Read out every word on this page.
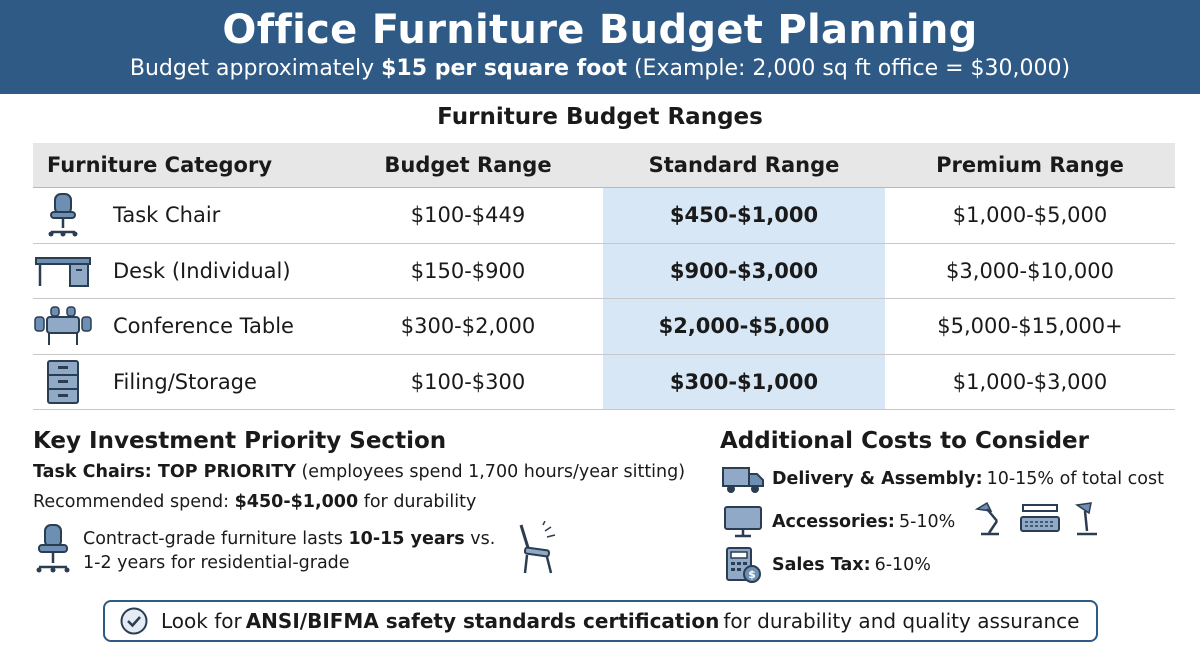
Office Furniture Budget Planning
Budget approximately $15 per square foot (Example: 2,000 sq ft office = $30,000)
Furniture Budget Ranges
Furniture Category	Budget Range	Standard Range	Premium Range
Task Chair	$100-$449	$450-$1,000	$1,000-$5,000
Desk (Individual)	$150-$900	$900-$3,000	$3,000-$10,000
Conference Table	$300-$2,000	$2,000-$5,000	$5,000-$15,000+
Filing/Storage	$100-$300	$300-$1,000	$1,000-$3,000
Key Investment Priority Section
Task Chairs: TOP PRIORITY (employees spend 1,700 hours/year sitting)
Recommended spend: $450-$1,000 for durability
Contract-grade furniture lasts 10-15 years vs. 1-2 years for residential-grade
Additional Costs to Consider
Delivery & Assembly: 10-15% of total cost
Accessories: 5-10%
$ Sales Tax: 6-10%
Look for ANSI/BIFMA safety standards certification for durability and quality assurance
